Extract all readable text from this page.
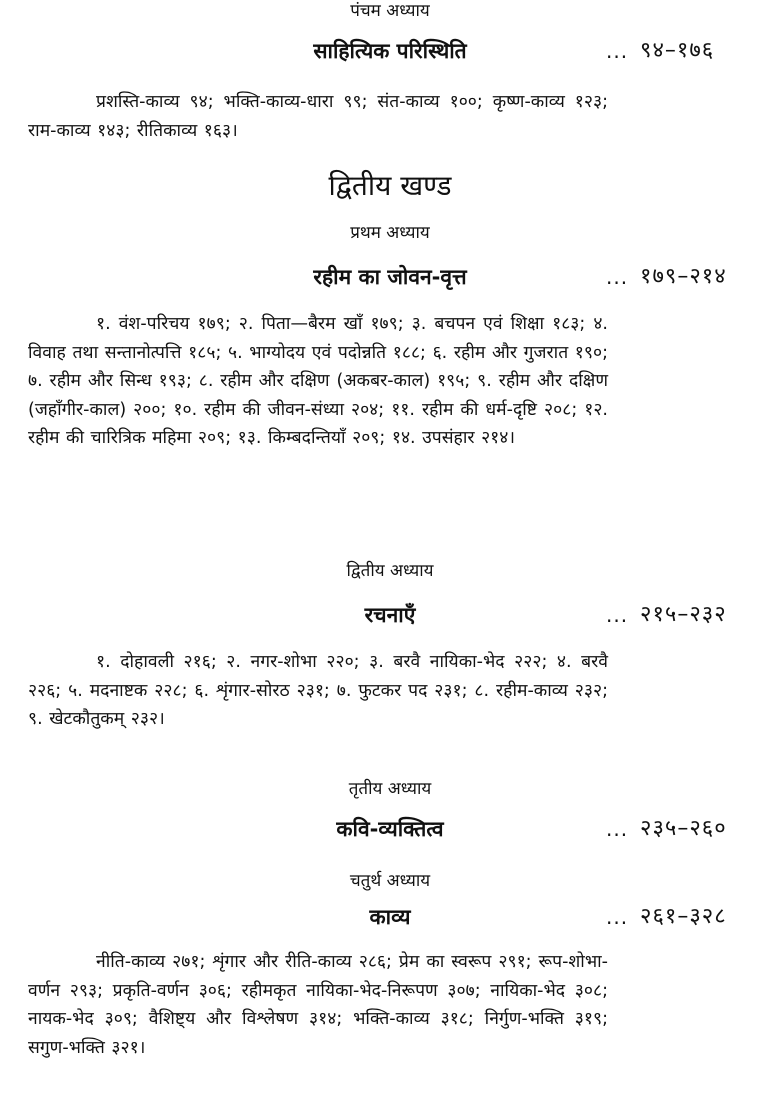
पंचम अध्याय
साहित्यिक परिस्थिति	... ९४–१७६
प्रशस्ति-काव्य ९४; भक्ति-काव्य-धारा ९९; संत-काव्य १००; कृष्ण-काव्य १२३; राम-काव्य १४३; रीतिकाव्य १६३।
द्वितीय खण्ड
प्रथम अध्याय
रहीम का जोवन-वृत्त	... १७९–२१४
१. वंश-परिचय १७९; २. पिता—बैरम खाँ १७९; ३. बचपन एवं शिक्षा १८३; ४. विवाह तथा सन्तानोत्पत्ति १८५; ५. भाग्योदय एवं पदोन्नति १८८; ६. रहीम और गुजरात १९०; ७. रहीम और सिन्ध १९३; ८. रहीम और दक्षिण (अकबर-काल) १९५; ९. रहीम और दक्षिण (जहाँगीर-काल) २००; १०. रहीम की जीवन-संध्या २०४; ११. रहीम की धर्म-दृष्टि २०८; १२. रहीम की चारित्रिक महिमा २०९; १३. किम्बदन्तियाँ २०९; १४. उपसंहार २१४।
द्वितीय अध्याय
रचनाएँ	... २१५–२३२
१. दोहावली २१६; २. नगर-शोभा २२०; ३. बरवै नायिका-भेद २२२; ४. बरवै २२६; ५. मदनाष्टक २२८; ६. शृंगार-सोरठ २३१; ७. फुटकर पद २३१; ८. रहीम-काव्य २३२; ९. खेटकौतुकम् २३२।
तृतीय अध्याय
कवि-व्यक्तित्व	... २३५–२६०
चतुर्थ अध्याय
काव्य	... २६१–३२८
नीति-काव्य २७१; शृंगार और रीति-काव्य २८६; प्रेम का स्वरूप २९१; रूप-शोभा-वर्णन २९३; प्रकृति-वर्णन ३०६; रहीमकृत नायिका-भेद-निरूपण ३०७; नायिका-भेद ३०८; नायक-भेद ३०९; वैशिष्ट्य और विश्लेषण ३१४; भक्ति-काव्य ३१८; निर्गुण-भक्ति ३१९; सगुण-भक्ति ३२१।
